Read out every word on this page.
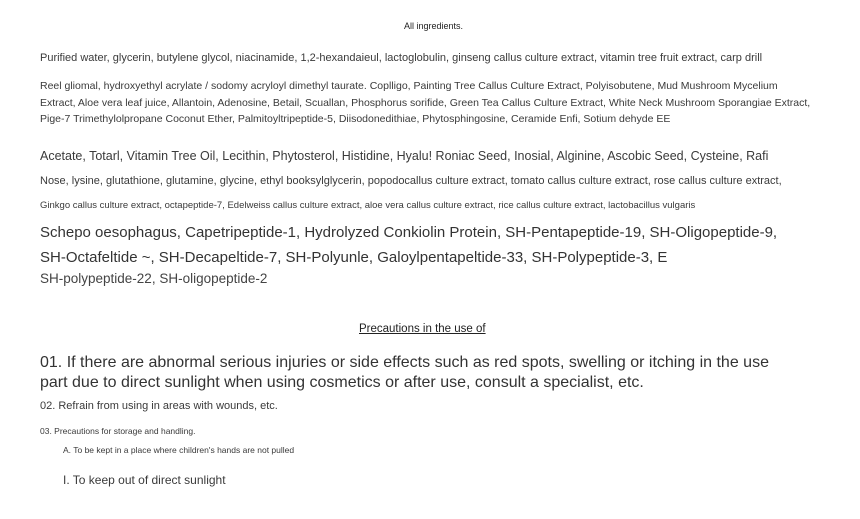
All ingredients.
Purified water, glycerin, butylene glycol, niacinamide, 1,2-hexandaieul, lactoglobulin, ginseng callus culture extract, vitamin tree fruit extract, carp drill
Reel gliomal, hydroxyethyl acrylate / sodomy acryloyl dimethyl taurate. Coplligo, Painting Tree Callus Culture Extract, Polyisobutene, Mud Mushroom Mycelium Extract, Aloe vera leaf juice, Allantoin, Adenosine, Betail, Scuallan, Phosphorus sorifide, Green Tea Callus Culture Extract, White Neck Mushroom Sporangiae Extract, Pige-7 Trimethylolpropane Coconut Ether, Palmitoyltripeptide-5, Diisodonedithiae, Phytosphingosine, Ceramide Enfi, Sotium dehyde EE
Acetate, Totarl, Vitamin Tree Oil, Lecithin, Phytosterol, Histidine, Hyalu! Roniac Seed, Inosial, Alginine, Ascobic Seed, Cysteine, Rafi
Nose, lysine, glutathione, glutamine, glycine, ethyl booksylglycerin, popodocallus culture extract, tomato callus culture extract, rose callus culture extract,
Ginkgo callus culture extract, octapeptide-7, Edelweiss callus culture extract, aloe vera callus culture extract, rice callus culture extract, lactobacillus vulgaris
Schepo oesophagus, Capetripeptide-1, Hydrolyzed Conkiolin Protein, SH-Pentapeptide-19, SH-Oligopeptide-9, SH-Octafeltide ~, SH-Decapeltide-7, SH-Polyunle, Galoylpentapeltide-33, SH-Polypeptide-3, E
SH-polypeptide-22, SH-oligopeptide-2
Precautions in the use of
01. If there are abnormal serious injuries or side effects such as red spots, swelling or itching in the use part due to direct sunlight when using cosmetics or after use, consult a specialist, etc.
02. Refrain from using in areas with wounds, etc.
03. Precautions for storage and handling.
A. To be kept in a place where children's hands are not pulled
I. To keep out of direct sunlight
